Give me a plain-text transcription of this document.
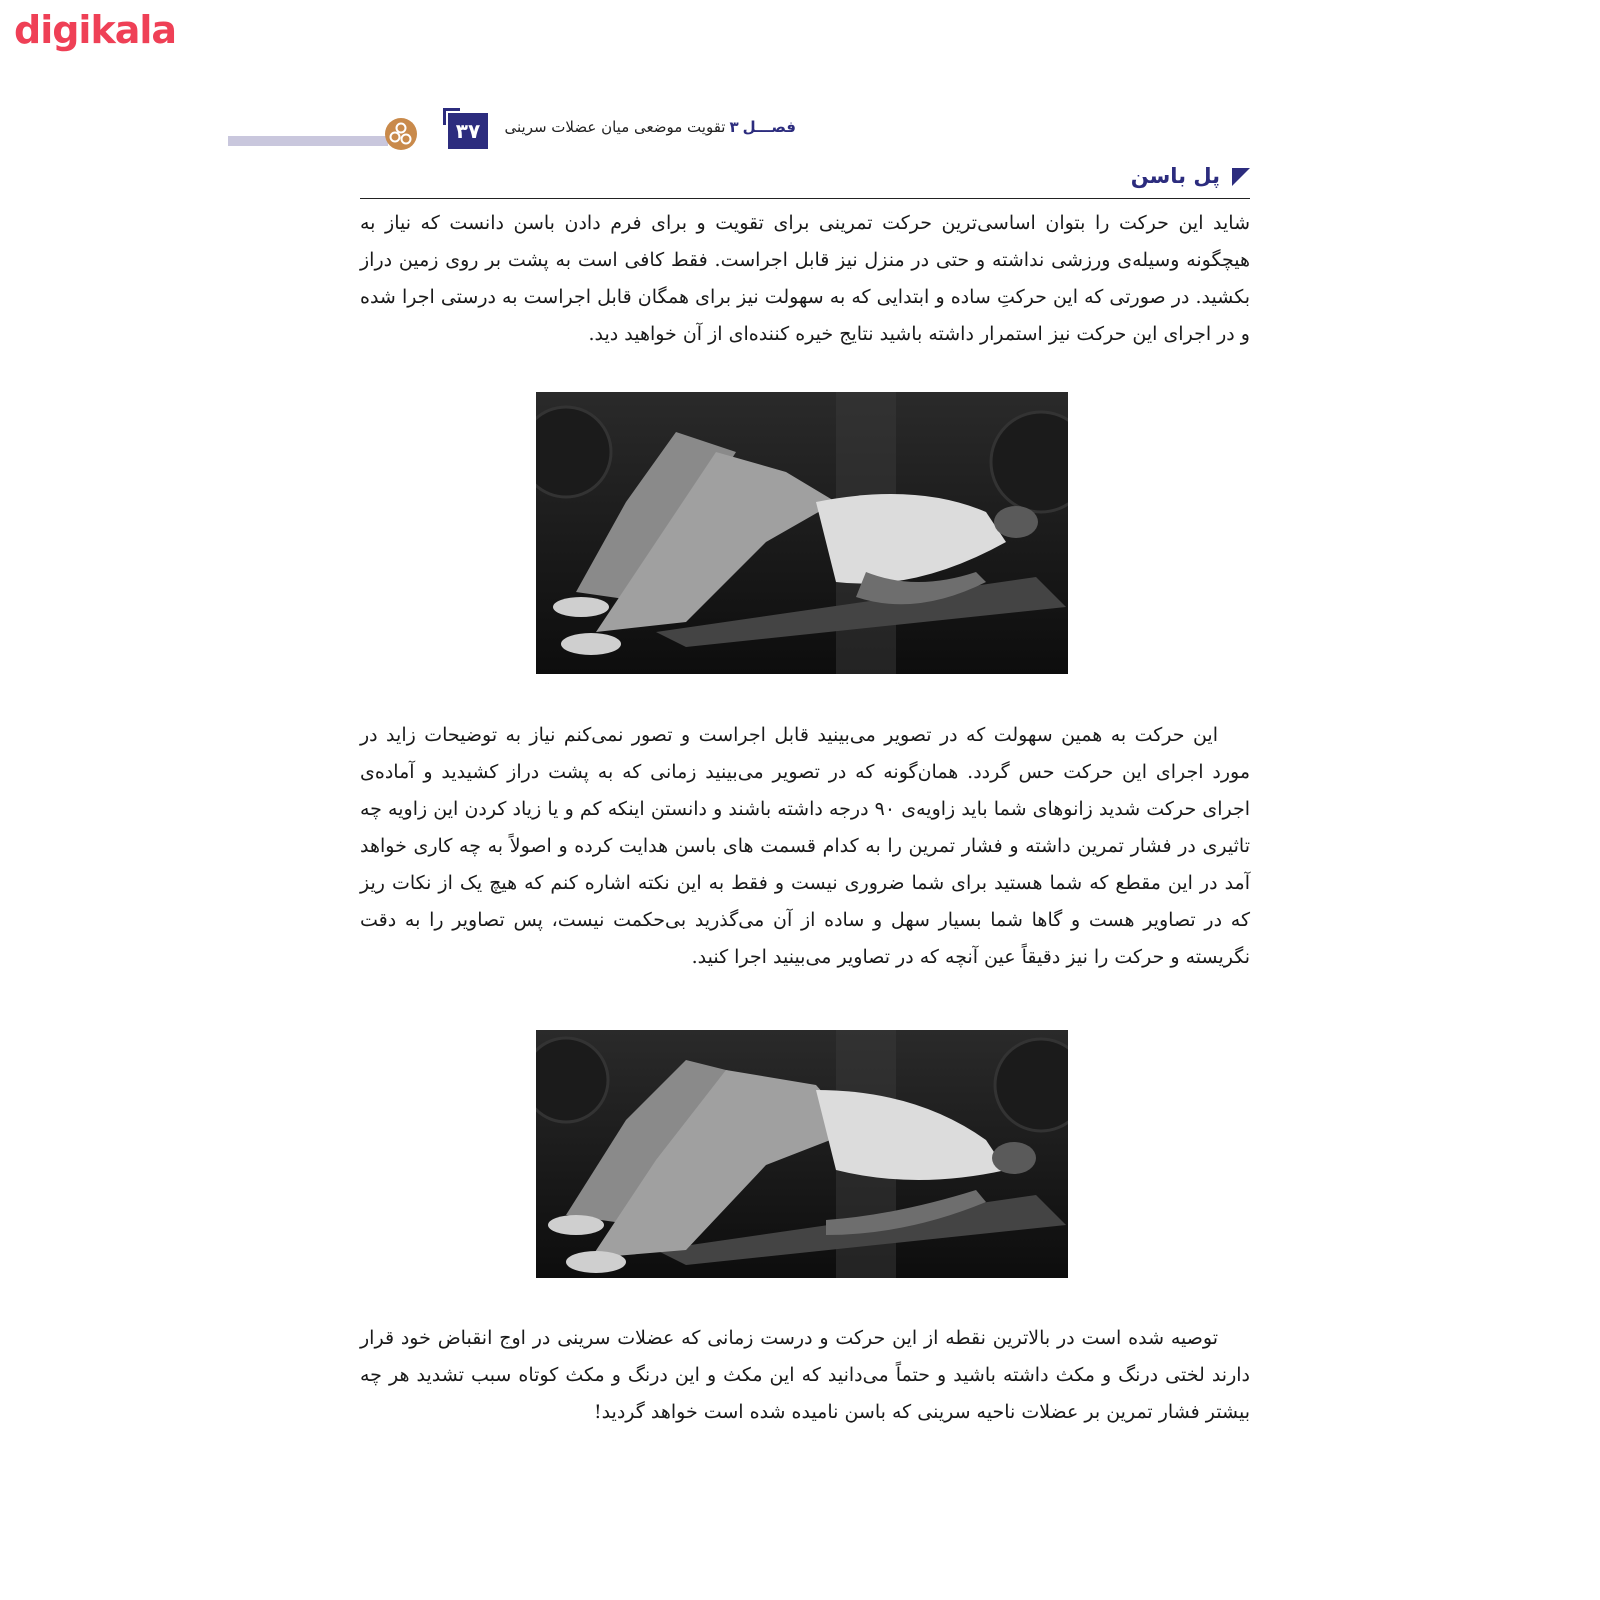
digikala
۳۷	فصـــل۳تقویت موضعی میان عضلات سرینی
پل باسن

شاید این حرکت را بتوان اساسی‌ترین حرکت تمرینی برای تقویت و برای فرم دادن باسن دانست که نیاز به هیچگونه وسیله‌ی ورزشی نداشته و حتی در منزل نیز قابل اجراست. فقط کافی است به پشت بر روی زمین دراز بکشید. در صورتی که این حرکتِ ساده و ابتدایی که به سهولت نیز برای همگان قابل اجراست به درستی اجرا شده و در اجرای این حرکت نیز استمرار داشته باشید نتایج خیره کننده‌ای از آن خواهید دید.

این حرکت به همین سهولت که در تصویر می‌بینید قابل اجراست و تصور نمی‌کنم نیاز به توضیحات زاید در مورد اجرای این حرکت حس گردد. همان‌گونه که در تصویر می‌بینید زمانی که به پشت دراز کشیدید و آماده‌ی اجرای حرکت شدید زانوهای شما باید زاویه‌ی ۹۰ درجه داشته باشند و دانستن اینکه کم و یا زیاد کردن این زاویه چه تاثیری در فشار تمرین داشته و فشار تمرین را به کدام قسمت های باسن هدایت کرده و اصولاً به چه کاری خواهد آمد در این مقطع که شما هستید برای شما ضروری نیست و فقط به این نکته اشاره کنم که هیچ یک از نکات ریز که در تصاویر هست و گاها شما بسیار سهل و ساده از آن می‌گذرید بی‌حکمت نیست، پس تصاویر را به دقت نگریسته و حرکت را نیز دقیقاً عین آنچه که در تصاویر می‌بینید اجرا کنید.

توصیه شده است در بالاترین نقطه از این حرکت و درست زمانی که عضلات سرینی در اوج انقباض خود قرار دارند لختی درنگ و مکث داشته باشید و حتماً می‌دانید که این مکث و این درنگ و مکث کوتاه سبب تشدید هر چه بیشتر فشار تمرین بر عضلات ناحیه سرینی که باسن نامیده شده است خواهد گردید!
